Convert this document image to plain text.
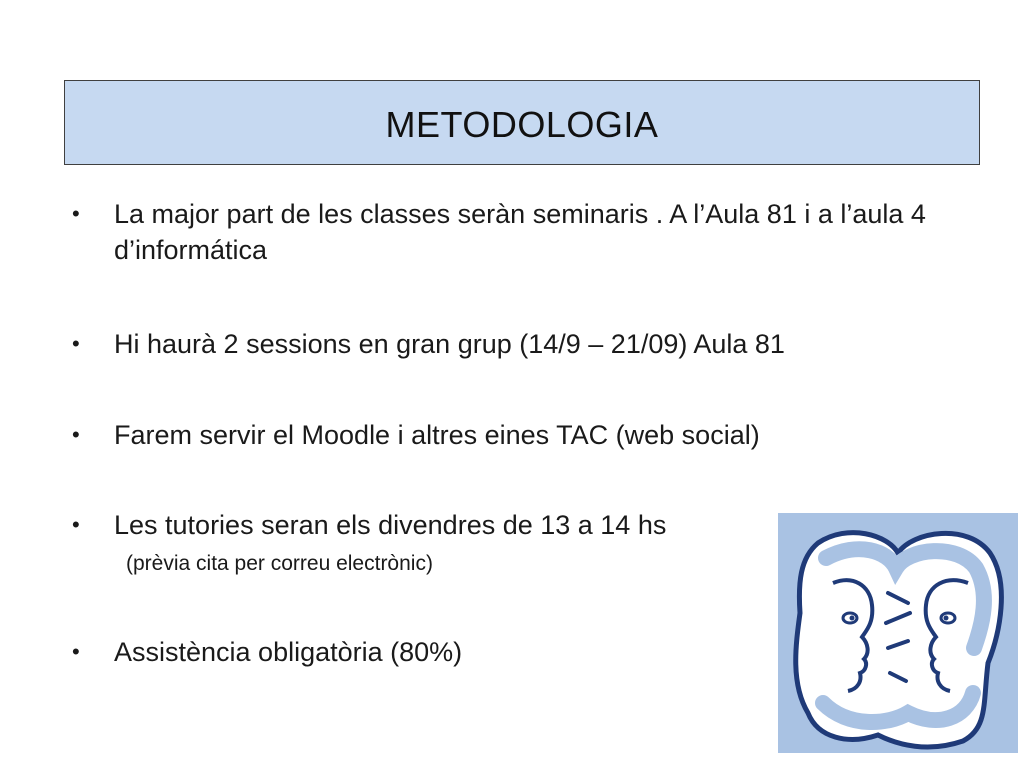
METODOLOGIA
•	La major part de les classes seràn seminaris . A l’Aula 81 i a l’aula 4 d’informática
•	Hi haurà 2 sessions en gran grup (14/9 – 21/09) Aula 81
•	Farem servir el Moodle i altres eines TAC (web social)
•	Les tutories seran els divendres de 13 a 14 hs
•	Assistència obligatòria (80%)
(prèvia cita per correu electrònic)
